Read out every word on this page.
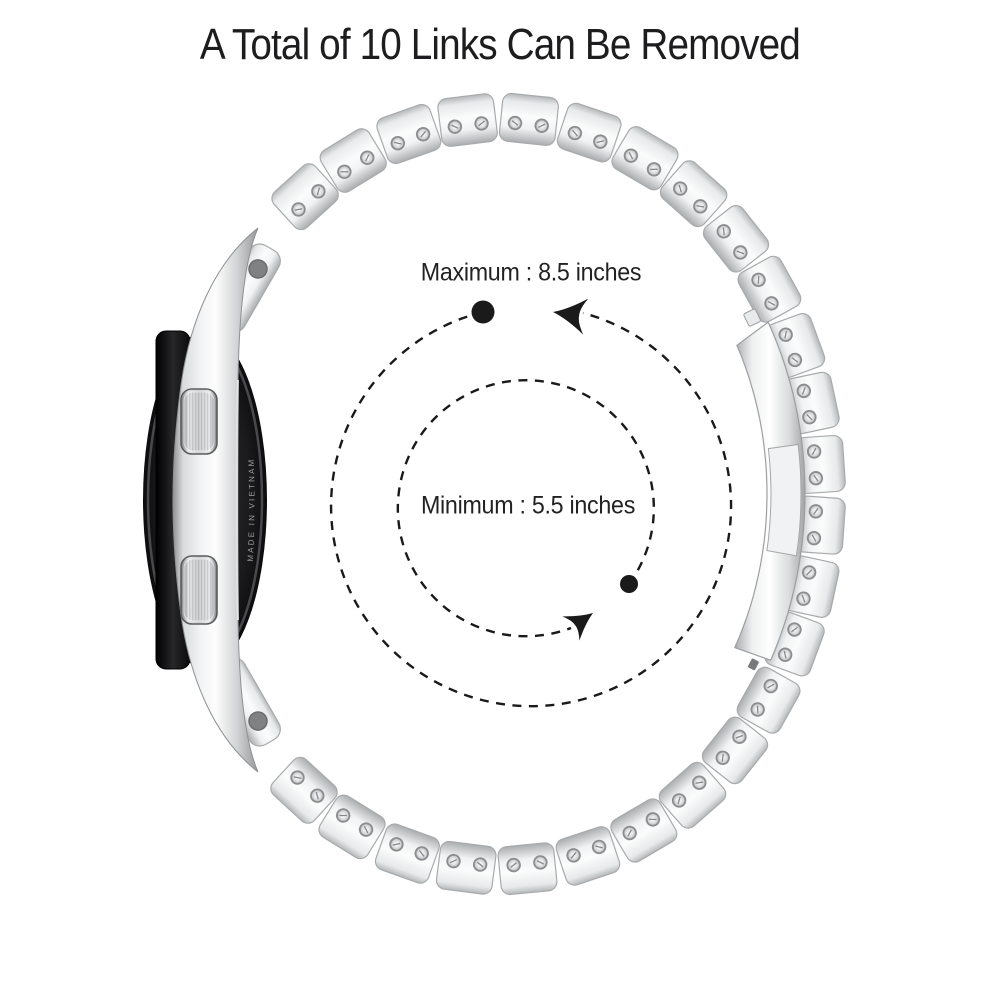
MADE IN VIETNAM
A Total of 10 Links Can Be Removed
Maximum : 8.5 inches
Minimum : 5.5 inches
